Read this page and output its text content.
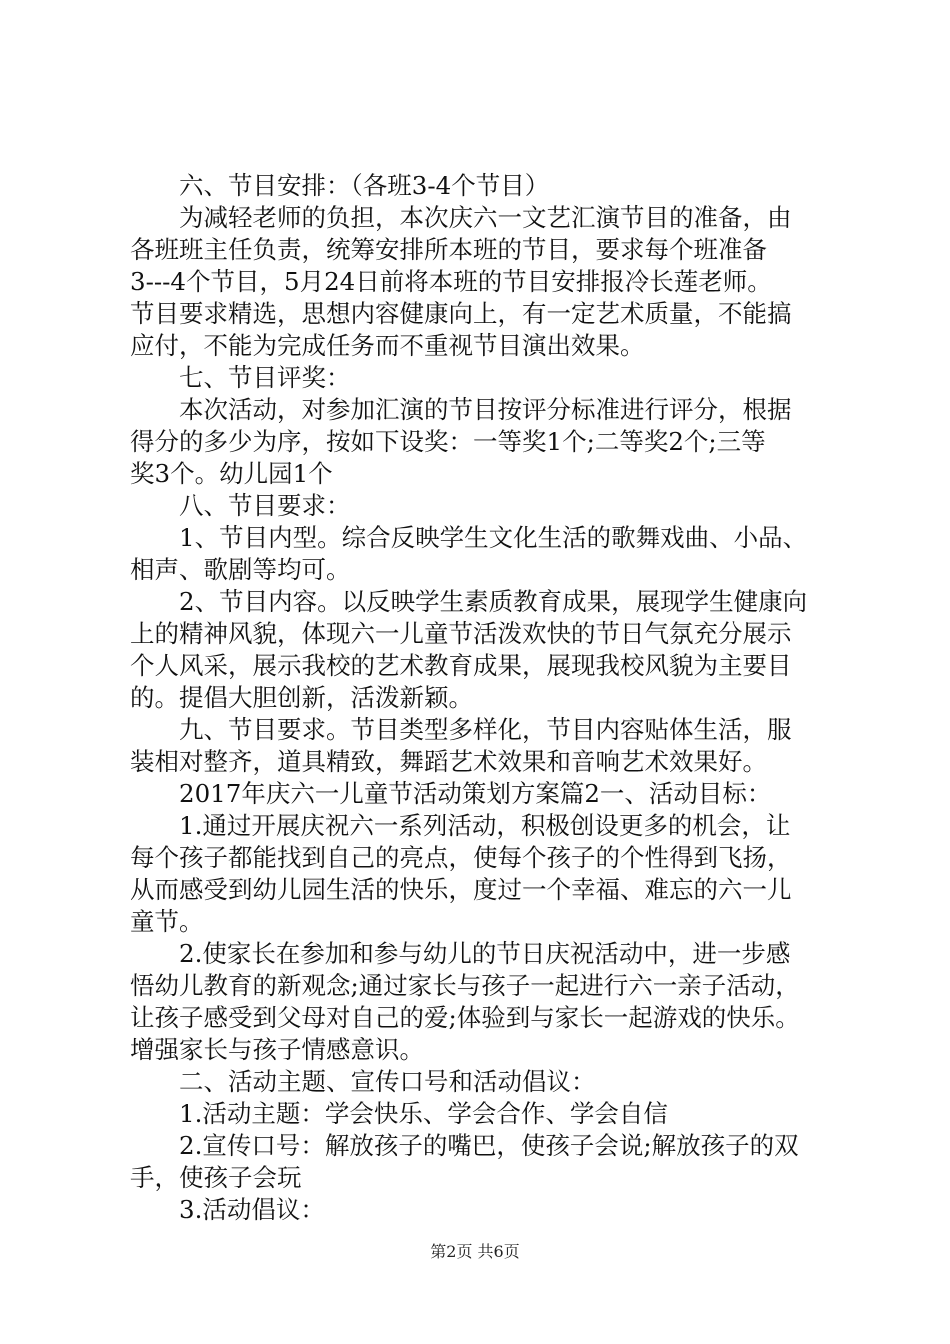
六、节目安排：（各班3-4个节目）
为减轻老师的负担，本次庆六一文艺汇演节目的准备，由
各班班主任负责，统筹安排所本班的节目，要求每个班准备
3---4个节目，5月24日前将本班的节目安排报冷长莲老师。
节目要求精选，思想内容健康向上，有一定艺术质量，不能搞
应付，不能为完成任务而不重视节目演出效果。
七、节目评奖：
本次活动，对参加汇演的节目按评分标准进行评分，根据
得分的多少为序，按如下设奖：一等奖1个;二等奖2个;三等
奖3个。幼儿园1个
八、节目要求：
1、节目内型。综合反映学生文化生活的歌舞戏曲、小品、
相声、歌剧等均可。
2、节目内容。以反映学生素质教育成果，展现学生健康向
上的精神风貌，体现六一儿童节活泼欢快的节日气氛充分展示
个人风采，展示我校的艺术教育成果，展现我校风貌为主要目
的。提倡大胆创新，活泼新颖。
九、节目要求。节目类型多样化，节目内容贴体生活，服
装相对整齐，道具精致，舞蹈艺术效果和音响艺术效果好。
2017年庆六一儿童节活动策划方案篇2一、活动目标：
1.通过开展庆祝六一系列活动，积极创设更多的机会，让
每个孩子都能找到自己的亮点，使每个孩子的个性得到飞扬，
从而感受到幼儿园生活的快乐，度过一个幸福、难忘的六一儿
童节。
2.使家长在参加和参与幼儿的节日庆祝活动中，进一步感
悟幼儿教育的新观念;通过家长与孩子一起进行六一亲子活动，
让孩子感受到父母对自己的爱;体验到与家长一起游戏的快乐。
增强家长与孩子情感意识。
二、活动主题、宣传口号和活动倡议：
1.活动主题：学会快乐、学会合作、学会自信
2.宣传口号：解放孩子的嘴巴，使孩子会说;解放孩子的双
手，使孩子会玩
3.活动倡议：
第2页 共6页
